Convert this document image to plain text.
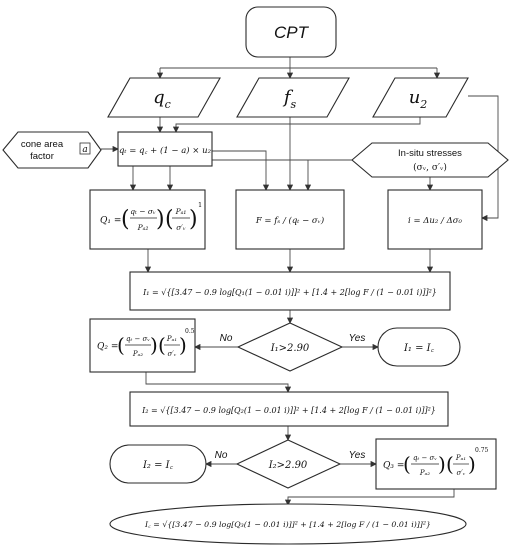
CPT
$q_c$	$f_s$	$u_2$
cone area
factor
a	qₜ = q꜀ + (1 − a) × u₂	In-situ stresses
(σᵥ, σ′ᵥ)
Q₁ = ( qₜ − σᵥ
Pₐ₂ ) ( Pₐ₁
σ′ᵥ )
1
F = fₛ / (qₜ − σᵥ)	i = Δu₂ / Δσ₀
I₁ = √{[3.47 − 0.9 log[Q₁(1 − 0.01 i)]]² + [1.4 + 2[log F / (1 − 0.01 i)]]²}
I₁>2.90
No	Yes
Q₂ =
( qₜ − σᵥ
Pₐ₂ ) ( Pₐ₁
σ′ᵥ )
0.5
I₁ = I꜀
I₂ = √{[3.47 − 0.9 log[Q₂(1 − 0.01 i)]]² + [1.4 + 2[log F / (1 − 0.01 i)]]²}
I₂>2.90
No	Yes
I₂ = I꜀	Q₃ =
( qₜ − σᵥ
Pₐ₂ ) ( Pₐ₁
σ′ᵥ )
0.75
I꜀ = √{[3.47 − 0.9 log[Q₃(1 − 0.01 i)]]² + [1.4 + 2[log F / (1 − 0.01 i)]]²}
